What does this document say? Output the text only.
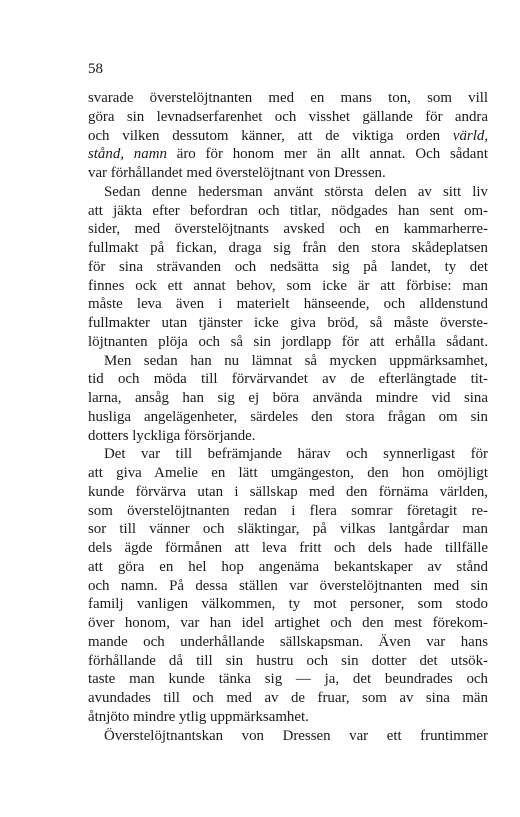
58
svarade överstelöjtnanten med en mans ton, som vill
göra sin levnadserfarenhet och visshet gällande för andra
och vilken dessutom känner, att de viktiga orden värld,
stånd, namn äro för honom mer än allt annat. Och sådant
var förhållandet med överstelöjtnant von Dressen.
Sedan denne hedersman använt största delen av sitt liv
att jäkta efter befordran och titlar, nödgades han sent om-
sider, med överstelöjtnants avsked och en kammarherre-
fullmakt på fickan, draga sig från den stora skådeplatsen
för sina strävanden och nedsätta sig på landet, ty det
finnes ock ett annat behov, som icke är att förbise: man
måste leva även i materielt hänseende, och alldenstund
fullmakter utan tjänster icke giva bröd, så måste överste-
löjtnanten plöja och så sin jordlapp för att erhålla sådant.
Men sedan han nu lämnat så mycken uppmärksamhet,
tid och möda till förvärvandet av de efterlängtade tit-
larna, ansåg han sig ej böra använda mindre vid sina
husliga angelägenheter, särdeles den stora frågan om sin
dotters lyckliga försörjande.
Det var till befrämjande härav och synnerligast för
att giva Amelie en lätt umgängeston, den hon omöjligt
kunde förvärva utan i sällskap med den förnäma världen,
som överstelöjtnanten redan i flera somrar företagit re-
sor till vänner och släktingar, på vilkas lantgårdar man
dels ägde förmånen att leva fritt och dels hade tillfälle
att göra en hel hop angenäma bekantskaper av stånd
och namn. På dessa ställen var överstelöjtnanten med sin
familj vanligen välkommen, ty mot personer, som stodo
över honom, var han idel artighet och den mest förekom-
mande och underhållande sällskapsman. Även var hans
förhållande då till sin hustru och sin dotter det utsök-
taste man kunde tänka sig — ja, det beundrades och
avundades till och med av de fruar, som av sina män
åtnjöto mindre ytlig uppmärksamhet.
Överstelöjtnantskan von Dressen var ett fruntimmer
